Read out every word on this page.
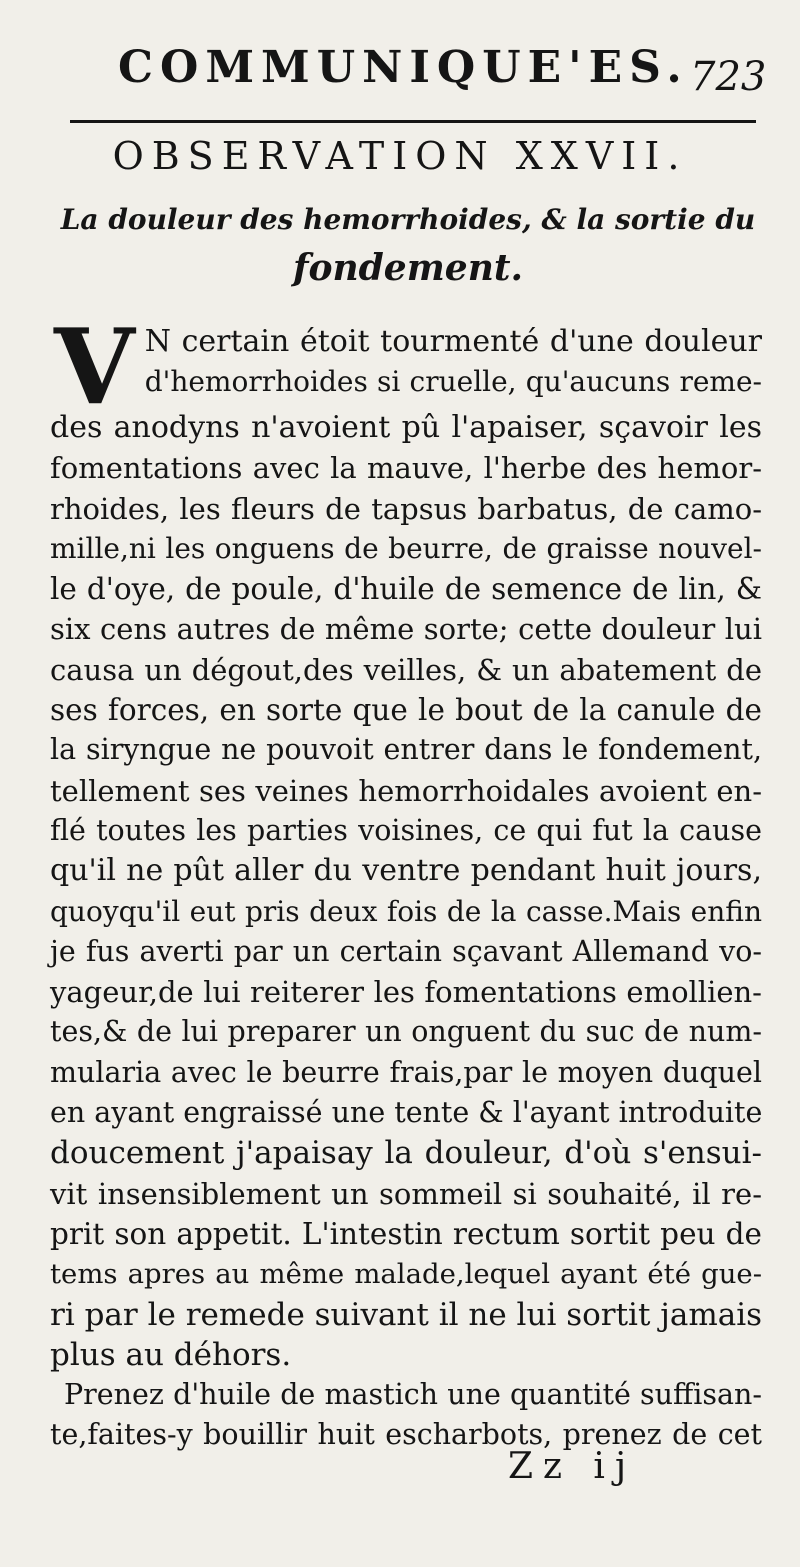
COMMUNIQUE'ES. 723
OBSERVATION XXVII.
La douleur des hemorrhoides, & la sortie du
fondement.
V N certain étoit tourmenté d'une douleur
d'hemorrhoides si cruelle, qu'aucuns reme-
des anodyns n'avoient pû l'apaiser, sçavoir les
fomentations avec la mauve, l'herbe des hemor-
rhoides, les fleurs de tapsus barbatus, de camo-
mille,ni les onguens de beurre, de graisse nouvel-
le d'oye, de poule, d'huile de semence de lin, &
six cens autres de même sorte; cette douleur lui
causa un dégout,des veilles, & un abatement de
ses forces, en sorte que le bout de la canule de
la siryngue ne pouvoit entrer dans le fondement,
tellement ses veines hemorrhoidales avoient en-
flé toutes les parties voisines, ce qui fut la cause
qu'il ne pût aller du ventre pendant huit jours,
quoyqu'il eut pris deux fois de la casse.Mais enfin
je fus averti par un certain sçavant Allemand vo-
yageur,de lui reiterer les fomentations emollien-
tes,& de lui preparer un onguent du suc de num-
mularia avec le beurre frais,par le moyen duquel
en ayant engraissé une tente & l'ayant introduite
doucement j'apaisay la douleur, d'où s'ensui-
vit insensiblement un sommeil si souhaité, il re-
prit son appetit. L'intestin rectum sortit peu de
tems apres au même malade,lequel ayant été gue-
ri par le remede suivant il ne lui sortit jamais
plus au déhors.
Prenez d'huile de mastich une quantité suffisan-
te,faites-y bouillir huit escharbots, prenez de cet
Zz ij
